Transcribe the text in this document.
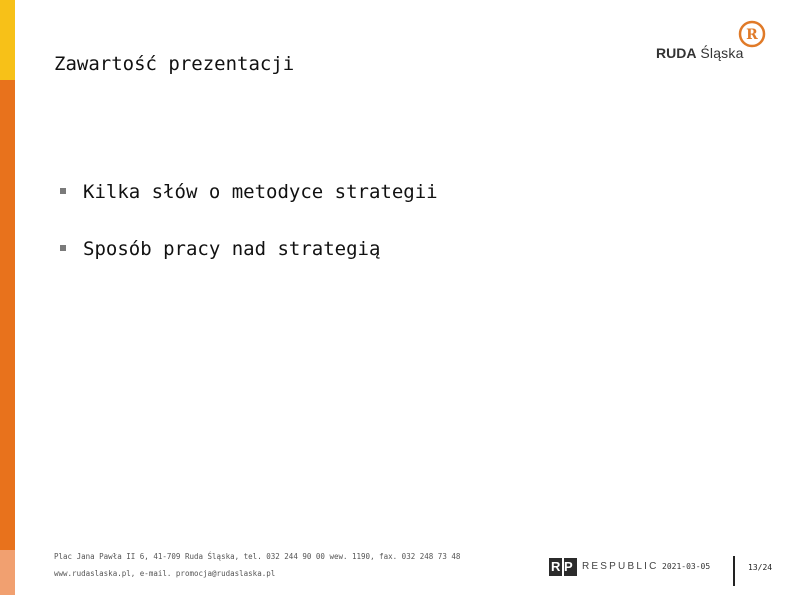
Zawartość prezentacji	RUDA Śląska
R
Kilka słów o metodyce strategii
Sposób pracy nad strategią
Plac Jana Pawła II 6, 41-709 Ruda Śląska, tel. 032 244 90 00 wew. 1190, fax. 032 248 73 48
www.rudaslaska.pl, e-mail. promocja@rudaslaska.pl	R P RESPUBLIC 2021-03-05	13/24
